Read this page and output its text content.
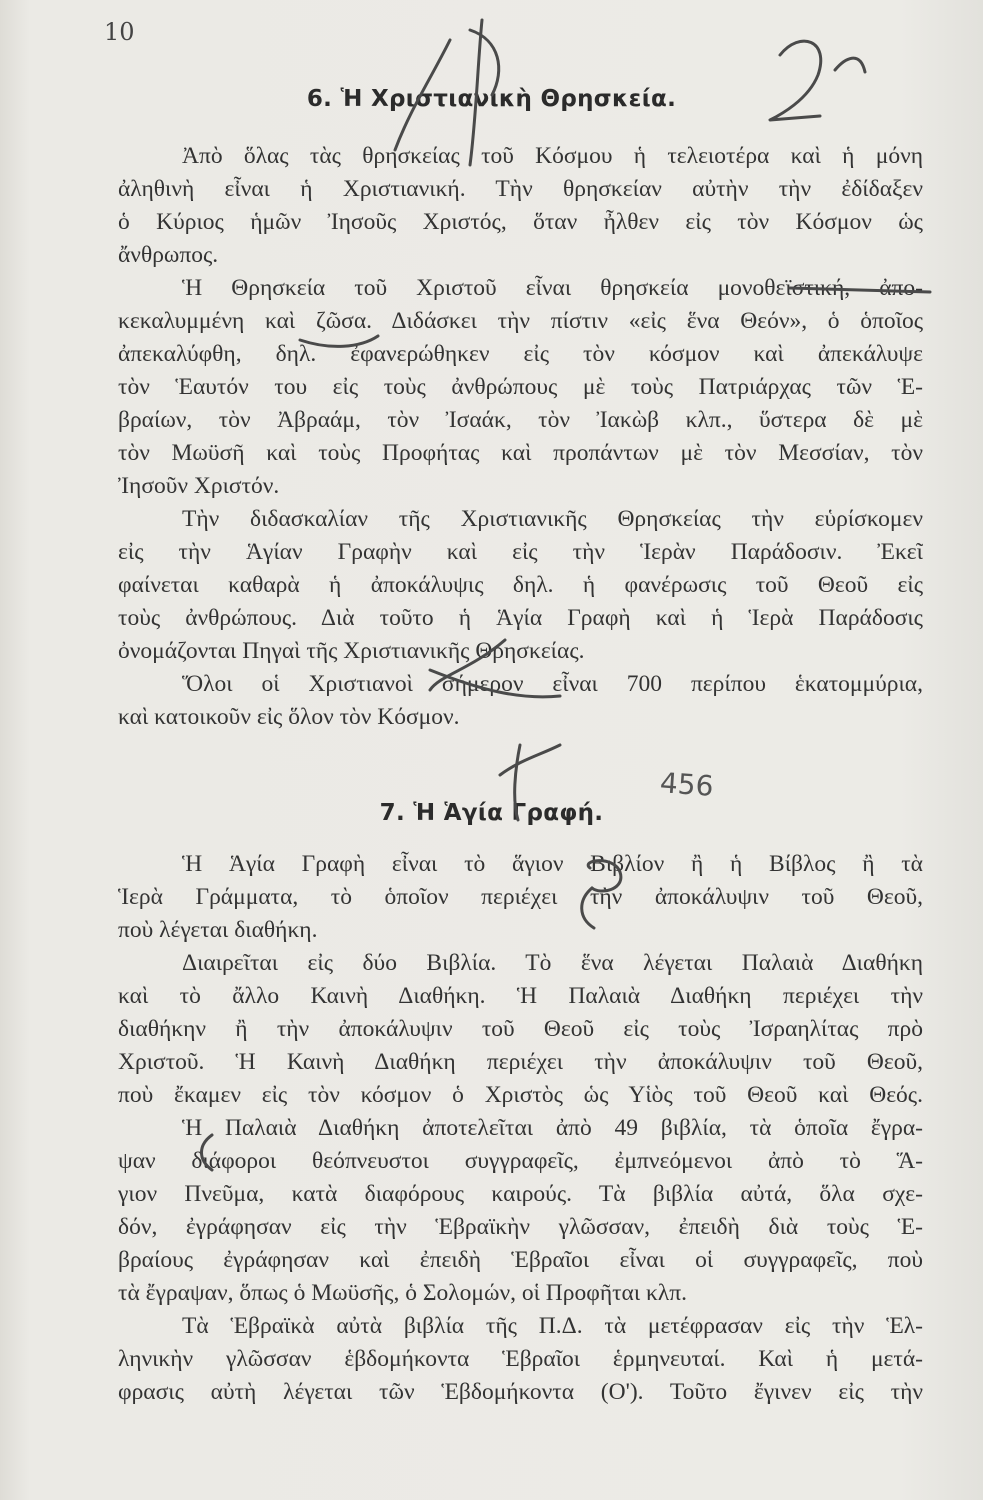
10
6. Ἡ Χριστιανικὴ Θρησκεία.
Ἀπὸ ὅλας τὰς θρησκείας τοῦ Κόσμου ἡ τελειοτέρα καὶ ἡ μόνη
ἀληθινὴ εἶναι ἡ Χριστιανική. Τὴν θρησκείαν αὐτὴν τὴν ἐδίδαξεν
ὁ Κύριος ἡμῶν Ἰησοῦς Χριστός, ὅταν ἦλθεν εἰς τὸν Κόσμον ὡς
ἄνθρωπος.
Ἡ Θρησκεία τοῦ Χριστοῦ εἶναι θρησκεία μονοθεϊστική, ἀπο-
κεκαλυμμένη καὶ ζῶσα. Διδάσκει τὴν πίστιν «εἰς ἕνα Θεόν», ὁ ὁποῖος
ἀπεκαλύφθη, δηλ. ἐφανερώθηκεν εἰς τὸν κόσμον καὶ ἀπεκάλυψε
τὸν Ἑαυτόν του εἰς τοὺς ἀνθρώπους μὲ τοὺς Πατριάρχας τῶν Ἑ-
βραίων, τὸν Ἀβραάμ, τὸν Ἰσαάκ, τὸν Ἰακὼβ κλπ., ὕστερα δὲ μὲ
τὸν Μωϋσῆ καὶ τοὺς Προφήτας καὶ προπάντων μὲ τὸν Μεσσίαν, τὸν
Ἰησοῦν Χριστόν.
Τὴν διδασκαλίαν τῆς Χριστιανικῆς Θρησκείας τὴν εὑρίσκομεν
εἰς τὴν Ἁγίαν Γραφὴν καὶ εἰς τὴν Ἱερὰν Παράδοσιν. Ἐκεῖ
φαίνεται καθαρὰ ἡ ἀποκάλυψις δηλ. ἡ φανέρωσις τοῦ Θεοῦ εἰς
τοὺς ἀνθρώπους. Διὰ τοῦτο ἡ Ἁγία Γραφὴ καὶ ἡ Ἱερὰ Παράδοσις
ὀνομάζονται Πηγαὶ τῆς Χριστιανικῆς Θρησκείας.
Ὅλοι οἱ Χριστιανοὶ σήμερον εἶναι 700 περίπου ἑκατομμύρια,
καὶ κατοικοῦν εἰς ὅλον τὸν Κόσμον.
7. Ἡ Ἁγία Γραφή.
456
Ἡ Ἁγία Γραφὴ εἶναι τὸ ἅγιον Βιβλίον ἢ ἡ Βίβλος ἢ τὰ
Ἱερὰ Γράμματα, τὸ ὁποῖον περιέχει τὴν ἀποκάλυψιν τοῦ Θεοῦ,
ποὺ λέγεται διαθήκη.
Διαιρεῖται εἰς δύο Βιβλία. Τὸ ἕνα λέγεται Παλαιὰ Διαθήκη
καὶ τὸ ἄλλο Καινὴ Διαθήκη. Ἡ Παλαιὰ Διαθήκη περιέχει τὴν
διαθήκην ἢ τὴν ἀποκάλυψιν τοῦ Θεοῦ εἰς τοὺς Ἰσραηλίτας πρὸ
Χριστοῦ. Ἡ Καινὴ Διαθήκη περιέχει τὴν ἀποκάλυψιν τοῦ Θεοῦ,
ποὺ ἔκαμεν εἰς τὸν κόσμον ὁ Χριστὸς ὡς Υἱὸς τοῦ Θεοῦ καὶ Θεός.
Ἡ Παλαιὰ Διαθήκη ἀποτελεῖται ἀπὸ 49 βιβλία, τὰ ὁποῖα ἔγρα-
ψαν διάφοροι θεόπνευστοι συγγραφεῖς, ἐμπνεόμενοι ἀπὸ τὸ Ἅ-
γιον Πνεῦμα, κατὰ διαφόρους καιρούς. Τὰ βιβλία αὐτά, ὅλα σχε-
δόν, ἐγράφησαν εἰς τὴν Ἑβραϊκὴν γλῶσσαν, ἐπειδὴ διὰ τοὺς Ἑ-
βραίους ἐγράφησαν καὶ ἐπειδὴ Ἑβραῖοι εἶναι οἱ συγγραφεῖς, ποὺ
τὰ ἔγραψαν, ὅπως ὁ Μωϋσῆς, ὁ Σολομών, οἱ Προφῆται κλπ.
Τὰ Ἑβραϊκὰ αὐτὰ βιβλία τῆς Π.Δ. τὰ μετέφρασαν εἰς τὴν Ἑλ-
ληνικὴν γλῶσσαν ἑβδομήκοντα Ἑβραῖοι ἑρμηνευταί. Καὶ ἡ μετά-
φρασις αὐτὴ λέγεται τῶν Ἑβδομήκοντα (Ο'). Τοῦτο ἔγινεν εἰς τὴν
